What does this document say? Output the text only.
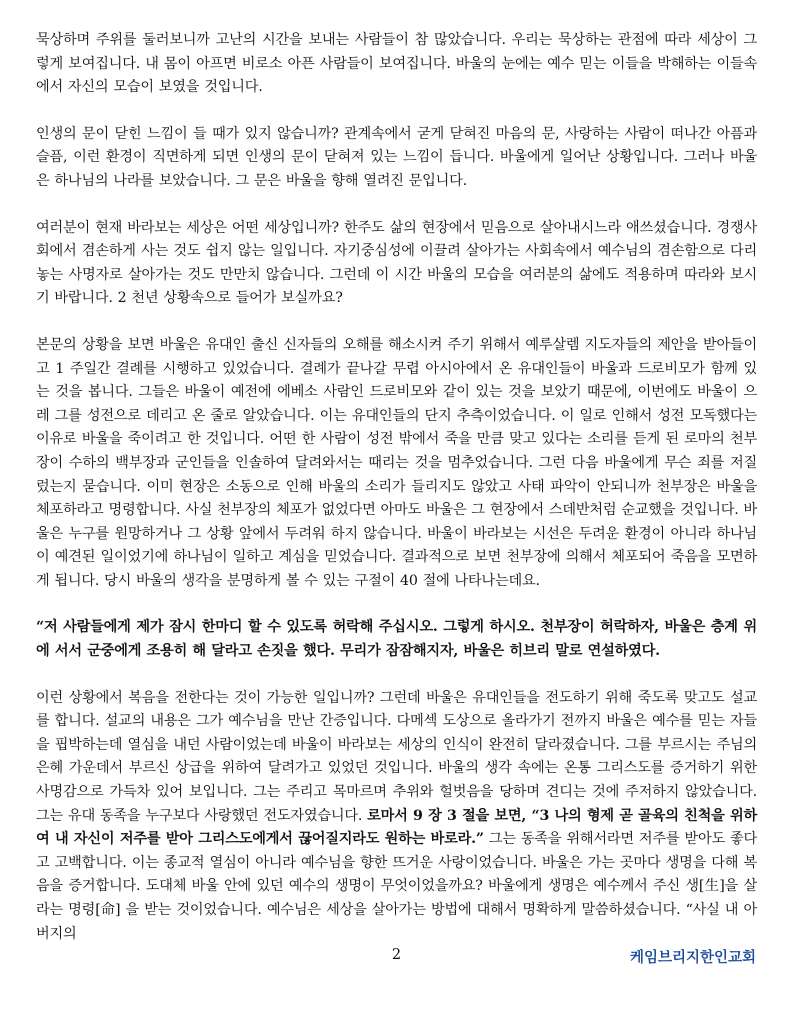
묵상하며 주위를 둘러보니까 고난의 시간을 보내는 사람들이 참 많았습니다. 우리는 묵상하는 관점에 따라 세상이 그렇게 보여집니다. 내 몸이 아프면 비로소 아픈 사람들이 보여집니다. 바울의 눈에는 예수 믿는 이들을 박해하는 이들속에서 자신의 모습이 보였을 것입니다.

인생의 문이 닫힌 느낌이 들 때가 있지 않습니까? 관계속에서 굳게 닫혀진 마음의 문, 사랑하는 사람이 떠나간 아픔과 슬픔, 이런 환경이 직면하게 되면 인생의 문이 닫혀져 있는 느낌이 듭니다. 바울에게 일어난 상황입니다. 그러나 바울은 하나님의 나라를 보았습니다. 그 문은 바울을 향해 열려진 문입니다.

여러분이 현재 바라보는 세상은 어떤 세상입니까? 한주도 삶의 현장에서 믿음으로 살아내시느라 애쓰셨습니다. 경쟁사회에서 겸손하게 사는 것도 쉽지 않는 일입니다. 자기중심성에 이끌려 살아가는 사회속에서 예수님의 겸손함으로 다리 놓는 사명자로 살아가는 것도 만만치 않습니다. 그런데 이 시간 바울의 모습을 여러분의 삶에도 적용하며 따라와 보시기 바랍니다. 2 천년 상황속으로 들어가 보실까요?

본문의 상황을 보면 바울은 유대인 출신 신자들의 오해를 해소시켜 주기 위해서 예루살렘 지도자들의 제안을 받아들이고 1 주일간 결례를 시행하고 있었습니다. 결례가 끝나갈 무렵 아시아에서 온 유대인들이 바울과 드로비모가 함께 있는 것을 봅니다. 그들은 바울이 예전에 에베소 사람인 드로비모와 같이 있는 것을 보았기 때문에, 이번에도 바울이 으레 그를 성전으로 데리고 온 줄로 알았습니다. 이는 유대인들의 단지 추측이었습니다. 이 일로 인해서 성전 모독했다는 이유로 바울을 죽이려고 한 것입니다. 어떤 한 사람이 성전 밖에서 죽을 만큼 맞고 있다는 소리를 듣게 된 로마의 천부장이 수하의 백부장과 군인들을 인솔하여 달려와서는 때리는 것을 멈추었습니다. 그런 다음 바울에게 무슨 죄를 저질렀는지 묻습니다. 이미 현장은 소동으로 인해 바울의 소리가 들리지도 않았고 사태 파악이 안되니까 천부장은 바울을 체포하라고 명령합니다. 사실 천부장의 체포가 없었다면 아마도 바울은 그 현장에서 스데반처럼 순교했을 것입니다. 바울은 누구를 원망하거나 그 상황 앞에서 두려워 하지 않습니다. 바울이 바라보는 시선은 두려운 환경이 아니라 하나님이 예견된 일이었기에 하나님이 일하고 계심을 믿었습니다. 결과적으로 보면 천부장에 의해서 체포되어 죽음을 모면하게 됩니다. 당시 바울의 생각을 분명하게 볼 수 있는 구절이 40 절에 나타나는데요.

“저 사람들에게 제가 잠시 한마디 할 수 있도록 허락해 주십시오. 그렇게 하시오. 천부장이 허락하자, 바울은 층계 위에 서서 군중에게 조용히 해 달라고 손짓을 했다. 무리가 잠잠해지자, 바울은 히브리 말로 연설하였다.

이런 상황에서 복음을 전한다는 것이 가능한 일입니까? 그런데 바울은 유대인들을 전도하기 위해 죽도록 맞고도 설교를 합니다. 설교의 내용은 그가 예수님을 만난 간증입니다. 다메섹 도상으로 올라가기 전까지 바울은 예수를 믿는 자들을 핍박하는데 열심을 내던 사람이었는데 바울이 바라보는 세상의 인식이 완전히 달라졌습니다. 그를 부르시는 주님의 은혜 가운데서 부르신 상급을 위하여 달려가고 있었던 것입니다. 바울의 생각 속에는 온통 그리스도를 증거하기 위한 사명감으로 가득차 있어 보입니다. 그는 주리고 목마르며 추위와 헐벗음을 당하며 견디는 것에 주저하지 않았습니다. 그는 유대 동족을 누구보다 사랑했던 전도자였습니다. 로마서 9 장 3 절을 보면, “3 나의 형제 곧 골육의 친척을 위하여 내 자신이 저주를 받아 그리스도에게서 끊어질지라도 원하는 바로라.” 그는 동족을 위해서라면 저주를 받아도 좋다고 고백합니다. 이는 종교적 열심이 아니라 예수님을 향한 뜨거운 사랑이었습니다. 바울은 가는 곳마다 생명을 다해 복음을 증거합니다. 도대체 바울 안에 있던 예수의 생명이 무엇이었을까요? 바울에게 생명은 예수께서 주신 생[生]을 살라는 명령[命] 을 받는 것이었습니다. 예수님은 세상을 살아가는 방법에 대해서 명확하게 말씀하셨습니다. “사실 내 아버지의

2	케임브리지한인교회
